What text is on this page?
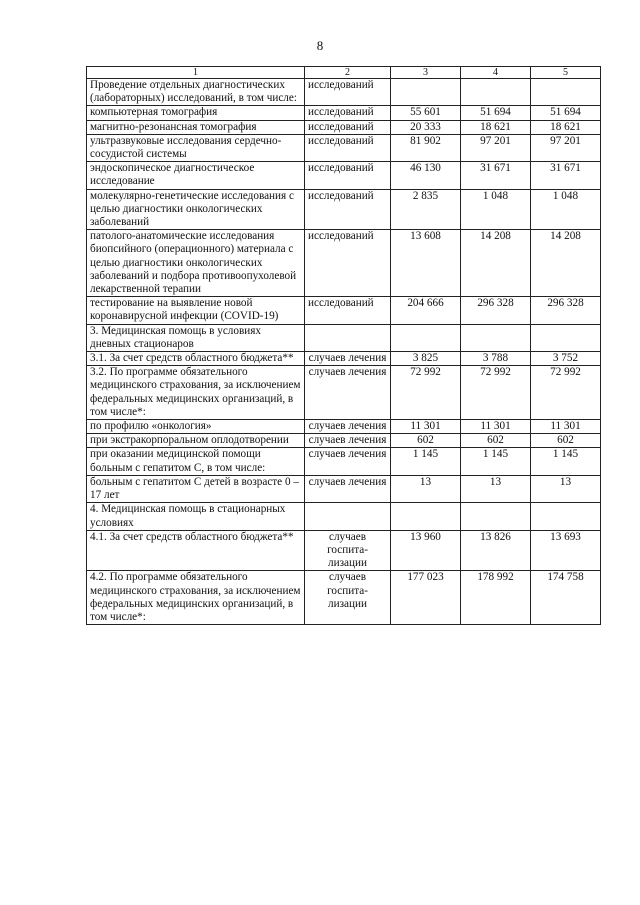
8
1	2	3	4	5
Проведение отдельных диагностических (лабораторных) исследований, в том числе:	исследований			
компьютерная томография	исследований	55 601	51 694	51 694
магнитно-резонансная томография	исследований	20 333	18 621	18 621
ультразвуковые исследования сердечно-сосудистой системы	исследований	81 902	97 201	97 201
эндоскопическое диагностическое исследование	исследований	46 130	31 671	31 671
молекулярно-генетические исследования с целью диагностики онкологических заболеваний	исследований	2 835	1 048	1 048
патолого-анатомические исследования биопсийного (операционного) материала с целью диагностики онкологических заболеваний и подбора противоопухолевой лекарственной терапии	исследований	13 608	14 208	14 208
тестирование на выявление новой коронавирусной инфекции (COVID-19)	исследований	204 666	296 328	296 328
3. Медицинская помощь в условиях дневных стационаров				
3.1. За счет средств областного бюджета**	случаев лечения	3 825	3 788	3 752
3.2. По программе обязательного медицинского страхования, за исключением федеральных медицинских организаций, в том числе*:	случаев лечения	72 992	72 992	72 992
по профилю «онкология»	случаев лечения	11 301	11 301	11 301
при экстракорпоральном оплодотворении	случаев лечения	602	602	602
при оказании медицинской помощи больным с гепатитом С, в том числе:	случаев лечения	1 145	1 145	1 145
больным с гепатитом С детей в возрасте 0 – 17 лет	случаев лечения	13	13	13
4. Медицинская помощь в стационарных условиях				
4.1. За счет средств областного бюджета**	случаев госпита-лизации	13 960	13 826	13 693
4.2. По программе обязательного медицинского страхования, за исключением федеральных медицинских организаций, в том числе*:	случаев госпита-лизации	177 023	178 992	174 758
